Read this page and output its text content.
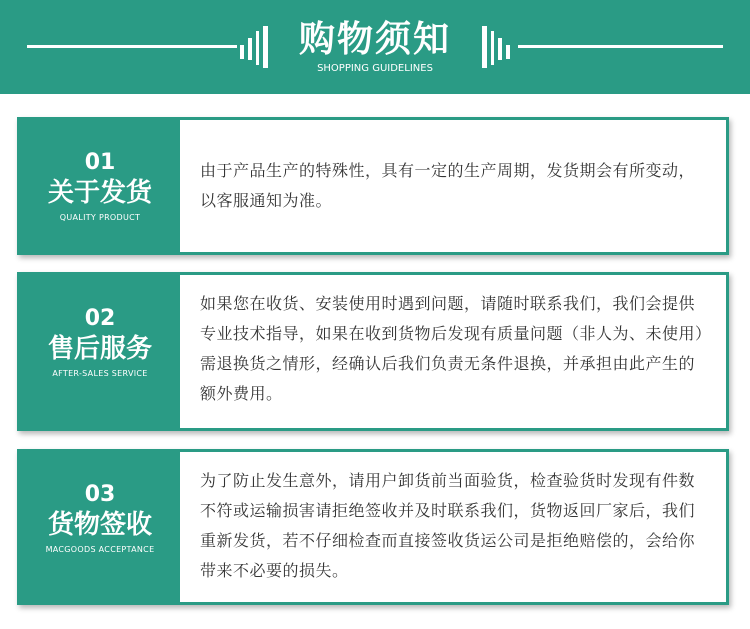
购物须知
SHOPPING GUIDELINES
01
关于发货
QUALITY PRODUCT
由于产品生产的特殊性，具有一定的生产周期，发货期会有所变动，以客服通知为准。
02
售后服务
AFTER-SALES SERVICE
如果您在收货、安装使用时遇到问题，请随时联系我们，我们会提供专业技术指导，如果在收到货物后发现有质量问题（非人为、未使用）需退换货之情形，经确认后我们负责无条件退换，并承担由此产生的额外费用。
03
货物签收
MACGOODS ACCEPTANCE
为了防止发生意外，请用户卸货前当面验货，检查验货时发现有件数不符或运输损害请拒绝签收并及时联系我们，货物返回厂家后，我们重新发货，若不仔细检查而直接签收货运公司是拒绝赔偿的，会给你带来不必要的损失。
